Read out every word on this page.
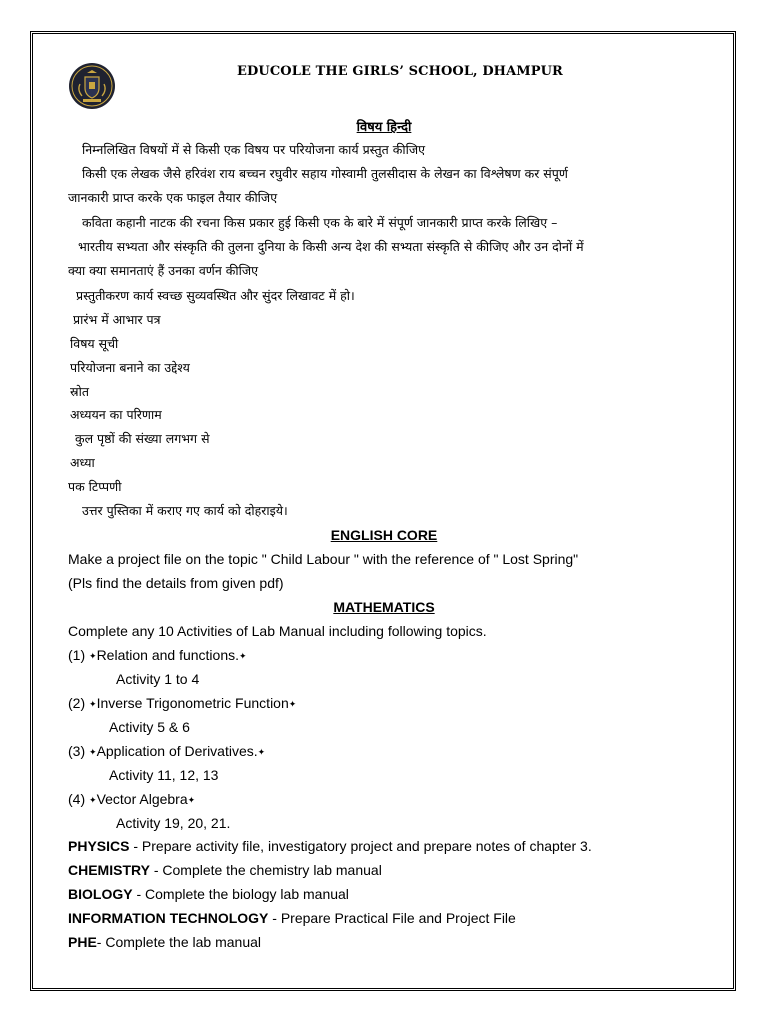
EDUCOLE THE GIRLS’ SCHOOL, DHAMPUR
विषय हिन्दी
निम्नलिखित विषयों में से किसी एक विषय पर परियोजना कार्य प्रस्तुत कीजिए
किसी एक लेखक जैसे हरिवंश राय बच्चन रघुवीर सहाय गोस्वामी तुलसीदास के लेखन का विश्लेषण कर संपूर्ण
जानकारी प्राप्त करके एक फाइल तैयार कीजिए
कविता कहानी नाटक की रचना किस प्रकार हुई किसी एक के बारे में संपूर्ण जानकारी प्राप्त करके लिखिए –
भारतीय सभ्यता और संस्कृति की तुलना दुनिया के किसी अन्य देश की सभ्यता संस्कृति से कीजिए और उन दोनों में
क्या क्या समानताएं हैं उनका वर्णन कीजिए
प्रस्तुतीकरण कार्य स्वच्छ सुव्यवस्थित और सुंदर लिखावट में हो।
प्रारंभ में आभार पत्र
विषय सूची
परियोजना बनाने का उद्देश्य
स्रोत
अध्ययन का परिणाम
कुल पृष्ठों की संख्या लगभग से
अध्या
पक टिप्पणी
उत्तर पुस्तिका में कराए गए कार्य को दोहराइये।
ENGLISH CORE
Make a project file on the topic " Child Labour " with the reference of " Lost Spring"
(Pls find the details from given pdf)
MATHEMATICS
Complete any 10 Activities of Lab Manual including following topics.
(1) ✦Relation and functions.✦
Activity 1 to 4
(2) ✦Inverse Trigonometric Function✦
Activity 5 & 6
(3) ✦Application of Derivatives.✦
Activity 11, 12, 13
(4) ✦Vector Algebra✦
Activity 19, 20, 21.
PHYSICS - Prepare activity file, investigatory project and prepare notes of chapter 3.
CHEMISTRY - Complete the chemistry lab manual
BIOLOGY - Complete the biology lab manual
INFORMATION TECHNOLOGY - Prepare Practical File and Project File
PHE- Complete the lab manual
